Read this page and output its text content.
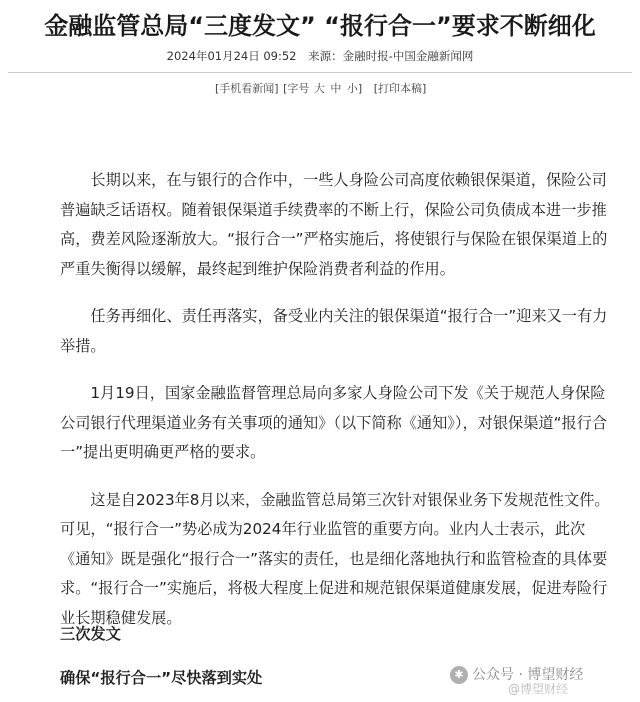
金融监管总局“三度发文” “报行合一”要求不断细化
2024年01月24日 09:52 来源：金融时报-中国金融新闻网
[手机看新闻] [字号 大 中 小] [打印本稿]

长期以来，在与银行的合作中，一些人身险公司高度依赖银保渠道，保险公司普遍缺乏话语权。随着银保渠道手续费率的不断上行，保险公司负债成本进一步推高，费差风险逐渐放大。“报行合一”严格实施后，将使银行与保险在银保渠道上的严重失衡得以缓解，最终起到维护保险消费者利益的作用。

任务再细化、责任再落实，备受业内关注的银保渠道“报行合一”迎来又一有力举措。

1月19日，国家金融监督管理总局向多家人身险公司下发《关于规范人身保险公司银行代理渠道业务有关事项的通知》（以下简称《通知》），对银保渠道“报行合一”提出更明确更严格的要求。

这是自2023年8月以来，金融监管总局第三次针对银保业务下发规范性文件。可见，“报行合一”势必成为2024年行业监管的重要方向。业内人士表示，此次《通知》既是强化“报行合一”落实的责任，也是细化落地执行和监管检查的具体要求。“报行合一”实施后，将极大程度上促进和规范银保渠道健康发展，促进寿险行业长期稳健发展。

三次发文
确保“报行合一”尽快落到实处	✱ 公众号 · 博望财经
@博望财经
